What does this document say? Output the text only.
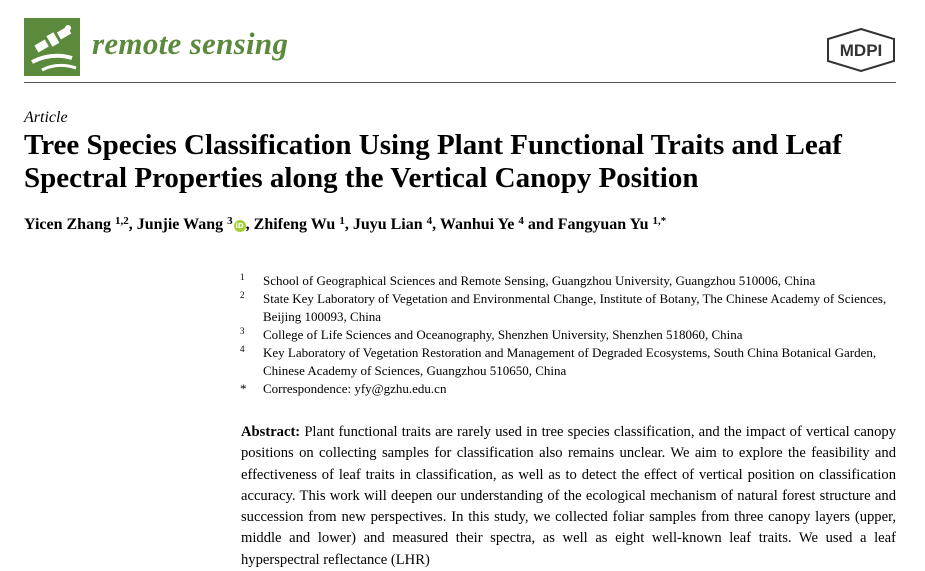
remote sensing	MDPI
Article
Tree Species Classification Using Plant Functional Traits and Leaf Spectral Properties along the Vertical Canopy Position
Yicen Zhang $^{1,2}$, Junjie Wang $^3$ iD , Zhifeng Wu $^1$, Juyu Lian $^4$, Wanhui Ye $^4$ and Fangyuan Yu $^{1,*}$
1 School of Geographical Sciences and Remote Sensing, Guangzhou University, Guangzhou 510006, China
2 State Key Laboratory of Vegetation and Environmental Change, Institute of Botany, The Chinese Academy of Sciences, Beijing 100093, China
3 College of Life Sciences and Oceanography, Shenzhen University, Shenzhen 518060, China
4 Key Laboratory of Vegetation Restoration and Management of Degraded Ecosystems, South China Botanical Garden, Chinese Academy of Sciences, Guangzhou 510650, China
* Correspondence: yfy@gzhu.edu.cn

Abstract: Plant functional traits are rarely used in tree species classification, and the impact of vertical canopy positions on collecting samples for classification also remains unclear. We aim to explore the feasibility and effectiveness of leaf traits in classification, as well as to detect the effect of vertical position on classification accuracy. This work will deepen our understanding of the ecological mechanism of natural forest structure and succession from new perspectives. In this study, we collected foliar samples from three canopy layers (upper, middle and lower) and measured their spectra, as well as eight well-known leaf traits. We used a leaf hyperspectral reflectance (LHR)
